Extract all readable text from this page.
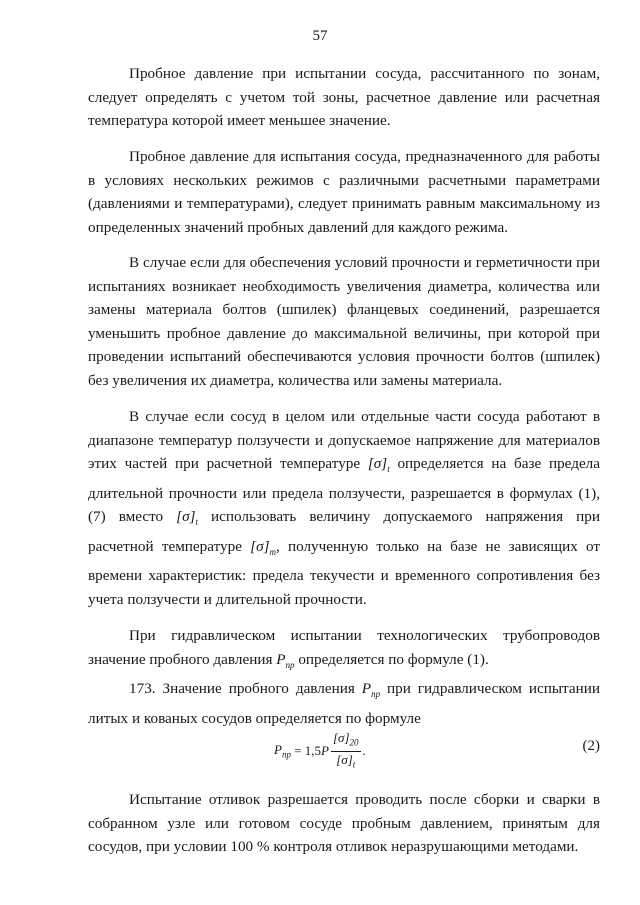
57

Пробное давление при испытании сосуда, рассчитанного по зонам, следует определять с учетом той зоны, расчетное давление или расчетная температура которой имеет меньшее значение.

Пробное давление для испытания сосуда, предназначенного для работы в условиях нескольких режимов с различными расчетными параметрами (давлениями и температурами), следует принимать равным максимальному из определенных значений пробных давлений для каждого режима.

В случае если для обеспечения условий прочности и герметичности при испытаниях возникает необходимость увеличения диаметра, количества или замены материала болтов (шпилек) фланцевых соединений, разрешается уменьшить пробное давление до максимальной величины, при которой при проведении испытаний обеспечиваются условия прочности болтов (шпилек) без увеличения их диаметра, количества или замены материала.

В случае если сосуд в целом или отдельные части сосуда работают в диапазоне температур ползучести и допускаемое напряжение для материалов этих частей при расчетной температуре $[\sigma]_t$ определяется на базе предела длительной прочности или предела ползучести, разрешается в формулах (1), (7) вместо $[\sigma]_t$ использовать величину допускаемого напряжения при расчетной температуре $[\sigma]_m$, полученную только на базе не зависящих от времени характеристик: предела текучести и временного сопротивления без учета ползучести и длительной прочности.

При гидравлическом испытании технологических трубопроводов значение пробного давления $P_{пр}$ определяется по формуле (1).

173. Значение пробного давления $P_{пр}$ при гидравлическом испытании литых и кованых сосудов определяется по формуле

$P_{пр} = 1,5$ P $\frac{[\sigma]_{20}}{[\sigma]_t}$ .	(2)

Испытание отливок разрешается проводить после сборки и сварки в собранном узле или готовом сосуде пробным давлением, принятым для сосудов, при условии 100 % контроля отливок неразрушающими методами.
